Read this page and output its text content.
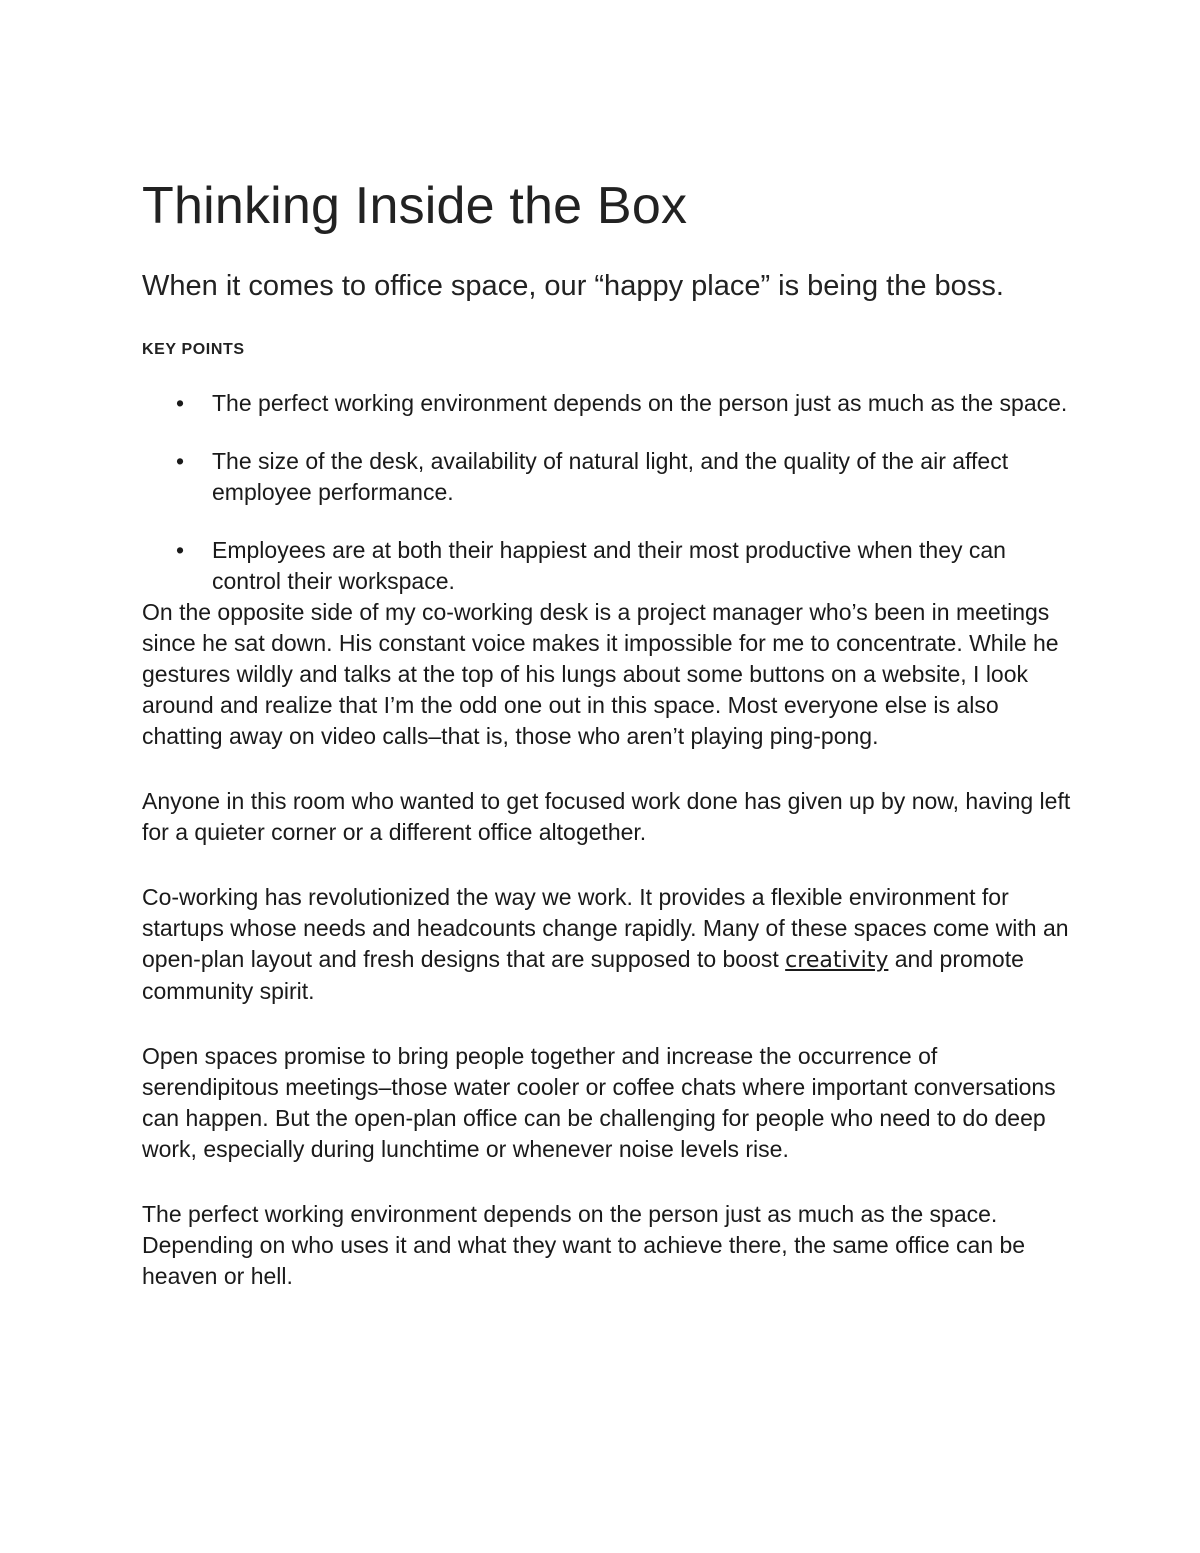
Thinking Inside the Box
When it comes to office space, our “happy place” is being the boss.
KEY POINTS
• The perfect working environment depends on the person just as much as the space.
• The size of the desk, availability of natural light, and the quality of the air affect employee performance.
• Employees are at both their happiest and their most productive when they can control their workspace.

On the opposite side of my co-working desk is a project manager who’s been in meetings since he sat down. His constant voice makes it impossible for me to concentrate. While he gestures wildly and talks at the top of his lungs about some buttons on a website, I look around and realize that I’m the odd one out in this space. Most everyone else is also chatting away on video calls–that is, those who aren’t playing ping-pong.

Anyone in this room who wanted to get focused work done has given up by now, having left for a quieter corner or a different office altogether.

Co-working has revolutionized the way we work. It provides a flexible environment for startups whose needs and headcounts change rapidly. Many of these spaces come with an open-plan layout and fresh designs that are supposed to boost creativity and promote community spirit.

Open spaces promise to bring people together and increase the occurrence of serendipitous meetings–those water cooler or coffee chats where important conversations can happen. But the open-plan office can be challenging for people who need to do deep work, especially during lunchtime or whenever noise levels rise.

The perfect working environment depends on the person just as much as the space. Depending on who uses it and what they want to achieve there, the same office can be heaven or hell.
